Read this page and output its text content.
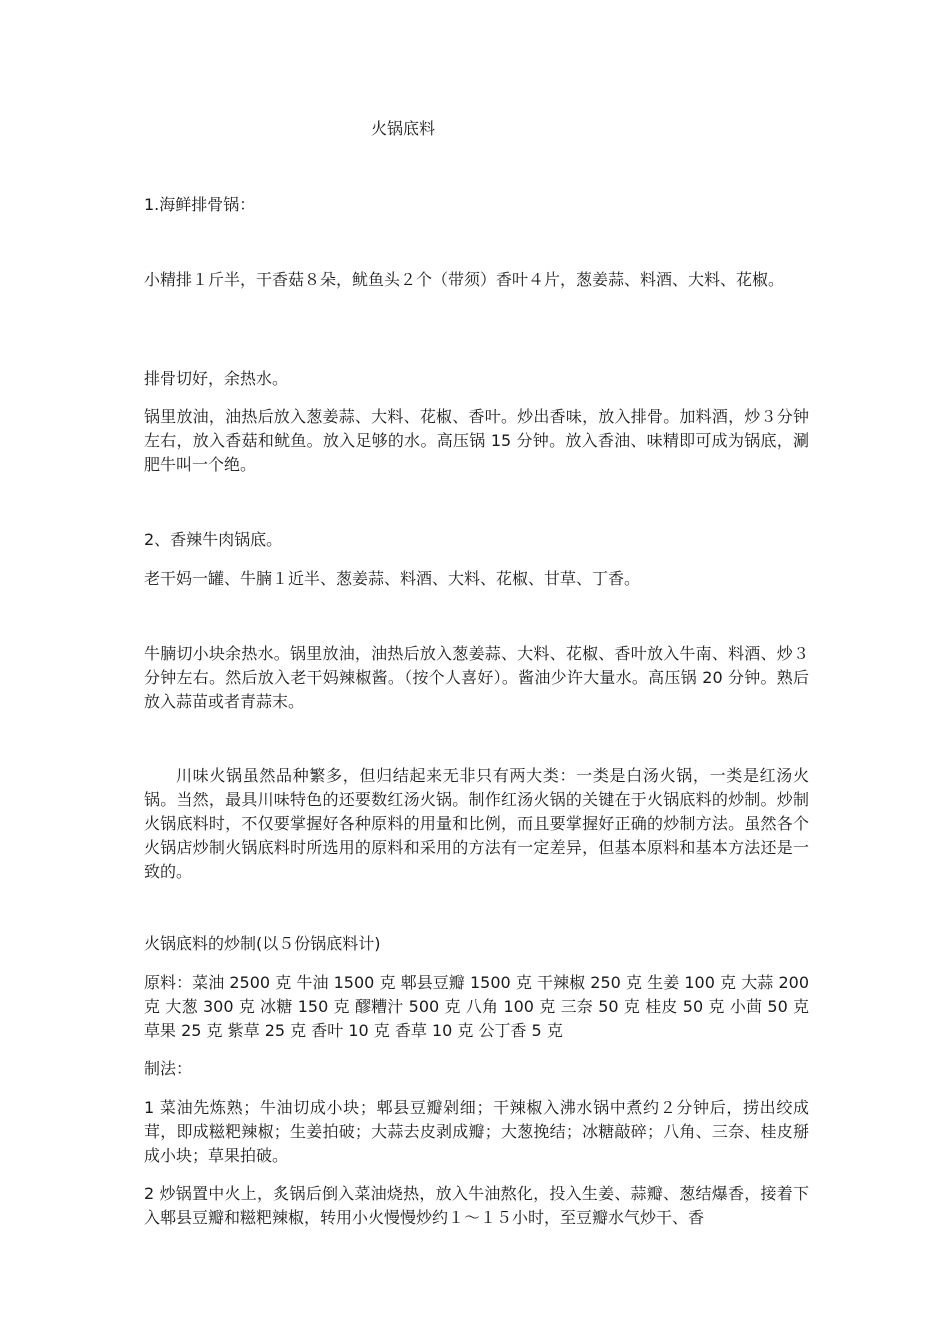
火锅底料

1.海鲜排骨锅：

小精排１斤半，干香菇８朵，鱿鱼头２个（带须）香叶４片，葱姜蒜、料酒、大料、花椒。

排骨切好，余热水。

锅里放油，油热后放入葱姜蒜、大料、花椒、香叶。炒出香味，放入排骨。加料酒，炒３分钟左右，放入香菇和鱿鱼。放入足够的水。高压锅 15 分钟。放入香油、味精即可成为锅底，涮肥牛叫一个绝。

2、香辣牛肉锅底。

老干妈一罐、牛腩１近半、葱姜蒜、料酒、大料、花椒、甘草、丁香。

牛腩切小块余热水。锅里放油，油热后放入葱姜蒜、大料、花椒、香叶放入牛南、料酒、炒３分钟左右。然后放入老干妈辣椒酱。（按个人喜好）。酱油少许大量水。高压锅 20 分钟。熟后放入蒜苗或者青蒜末。

川味火锅虽然品种繁多，但归结起来无非只有两大类：一类是白汤火锅，一类是红汤火锅。当然，最具川味特色的还要数红汤火锅。制作红汤火锅的关键在于火锅底料的炒制。炒制火锅底料时，不仅要掌握好各种原料的用量和比例，而且要掌握好正确的炒制方法。虽然各个火锅店炒制火锅底料时所选用的原料和采用的方法有一定差异，但基本原料和基本方法还是一致的。

火锅底料的炒制(以５份锅底料计)

原料：菜油 2500 克 牛油 1500 克 郫县豆瓣 1500 克 干辣椒 250 克 生姜 100 克 大蒜 200 克 大葱 300 克 冰糖 150 克 醪糟汁 500 克 八角 100 克 三奈 50 克 桂皮 50 克 小茴 50 克 草果 25 克 紫草 25 克 香叶 10 克 香草 10 克 公丁香 5 克

制法：

1 菜油先炼熟；牛油切成小块；郫县豆瓣剁细；干辣椒入沸水锅中煮约２分钟后，捞出绞成茸，即成糍粑辣椒；生姜拍破；大蒜去皮剥成瓣；大葱挽结；冰糖敲碎；八角、三奈、桂皮掰成小块；草果拍破。

2 炒锅置中火上，炙锅后倒入菜油烧热，放入牛油熬化，投入生姜、蒜瓣、葱结爆香，接着下入郫县豆瓣和糍粑辣椒，转用小火慢慢炒约１～１５小时，至豆瓣水气炒干、香
